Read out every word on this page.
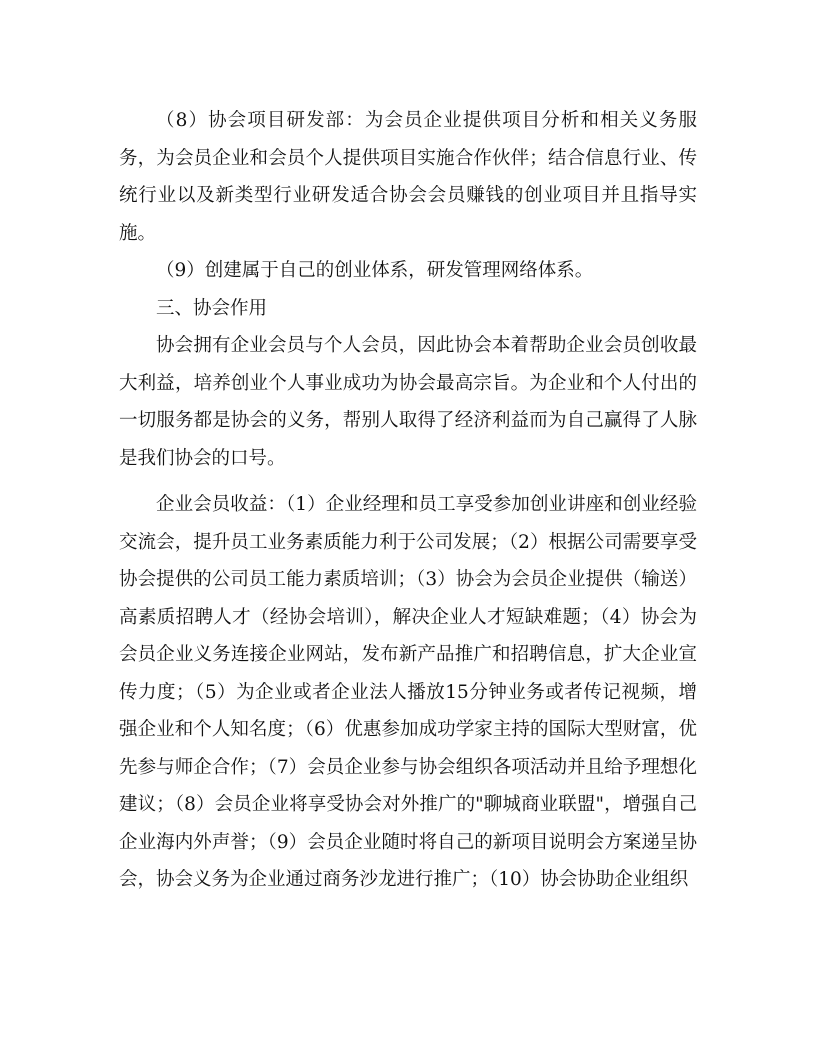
（8）协会项目研发部：为会员企业提供项目分析和相关义务服务，为会员企业和会员个人提供项目实施合作伙伴；结合信息行业、传统行业以及新类型行业研发适合协会会员赚钱的创业项目并且指导实施。

（9）创建属于自己的创业体系，研发管理网络体系。

三、协会作用

协会拥有企业会员与个人会员，因此协会本着帮助企业会员创收最大利益，培养创业个人事业成功为协会最高宗旨。为企业和个人付出的一切服务都是协会的义务，帮别人取得了经济利益而为自己赢得了人脉是我们协会的口号。

企业会员收益：（1）企业经理和员工享受参加创业讲座和创业经验交流会，提升员工业务素质能力利于公司发展；（2）根据公司需要享受协会提供的公司员工能力素质培训；（3）协会为会员企业提供（输送）高素质招聘人才（经协会培训），解决企业人才短缺难题；（4）协会为会员企业义务连接企业网站，发布新产品推广和招聘信息，扩大企业宣传力度；（5）为企业或者企业法人播放15分钟业务或者传记视频，增强企业和个人知名度；（6）优惠参加成功学家主持的国际大型财富，优先参与师企合作；（7）会员企业参与协会组织各项活动并且给予理想化建议；（8）会员企业将享受协会对外推广的"聊城商业联盟"，增强自己企业海内外声誉；（9）会员企业随时将自己的新项目说明会方案递呈协会，协会义务为企业通过商务沙龙进行推广；（10）协会协助企业组织
